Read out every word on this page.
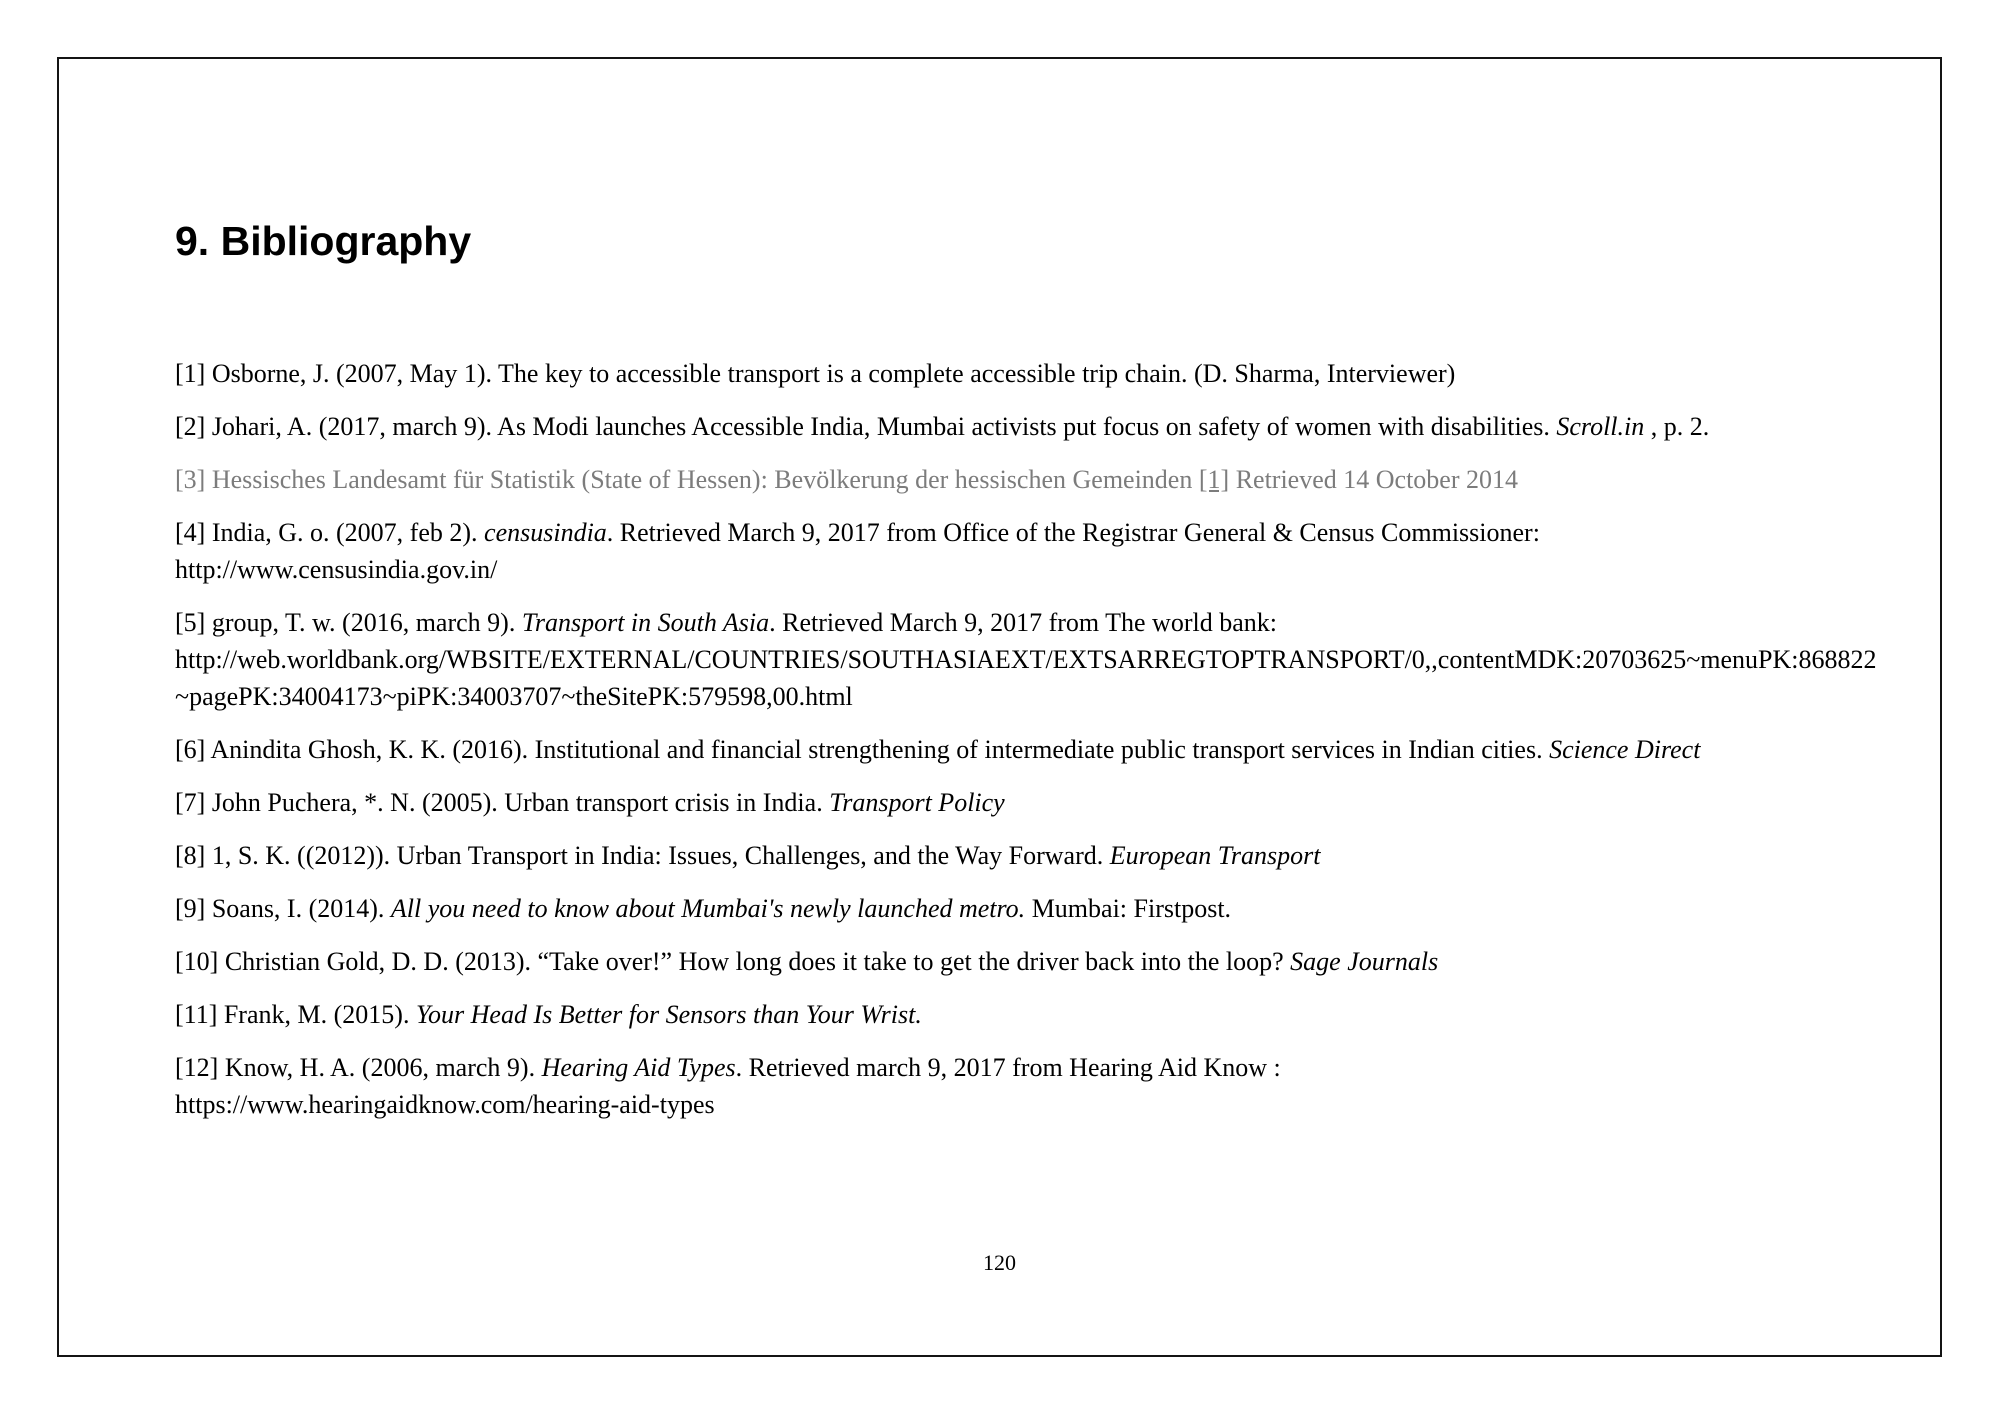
9. Bibliography

[1] Osborne, J. (2007, May 1). The key to accessible transport is a complete accessible trip chain. (D. Sharma, Interviewer)

[2] Johari, A. (2017, march 9). As Modi launches Accessible India, Mumbai activists put focus on safety of women with disabilities. Scroll.in , p. 2.

[3] Hessisches Landesamt für Statistik (State of Hessen): Bevölkerung der hessischen Gemeinden [1] Retrieved 14 October 2014

[4] India, G. o. (2007, feb 2). censusindia. Retrieved March 9, 2017 from Office of the Registrar General & Census Commissioner:
http://www.censusindia.gov.in/

[5] group, T. w. (2016, march 9). Transport in South Asia. Retrieved March 9, 2017 from The world bank:
http://web.worldbank.org/WBSITE/EXTERNAL/COUNTRIES/SOUTHASIAEXT/EXTSARREGTOPTRANSPORT/0,,contentMDK:20703625~menuPK:868822~pagePK:34004173~piPK:34003707~theSitePK:579598,00.html

[6] Anindita Ghosh, K. K. (2016). Institutional and financial strengthening of intermediate public transport services in Indian cities. Science Direct

[7] John Puchera, *. N. (2005). Urban transport crisis in India. Transport Policy

[8] 1, S. K. ((2012)). Urban Transport in India: Issues, Challenges, and the Way Forward. European Transport

[9] Soans, I. (2014). All you need to know about Mumbai's newly launched metro. Mumbai: Firstpost.

[10] Christian Gold, D. D. (2013). “Take over!” How long does it take to get the driver back into the loop? Sage Journals

[11] Frank, M. (2015). Your Head Is Better for Sensors than Your Wrist.

[12] Know, H. A. (2006, march 9). Hearing Aid Types. Retrieved march 9, 2017 from Hearing Aid Know :
https://www.hearingaidknow.com/hearing-aid-types

120
